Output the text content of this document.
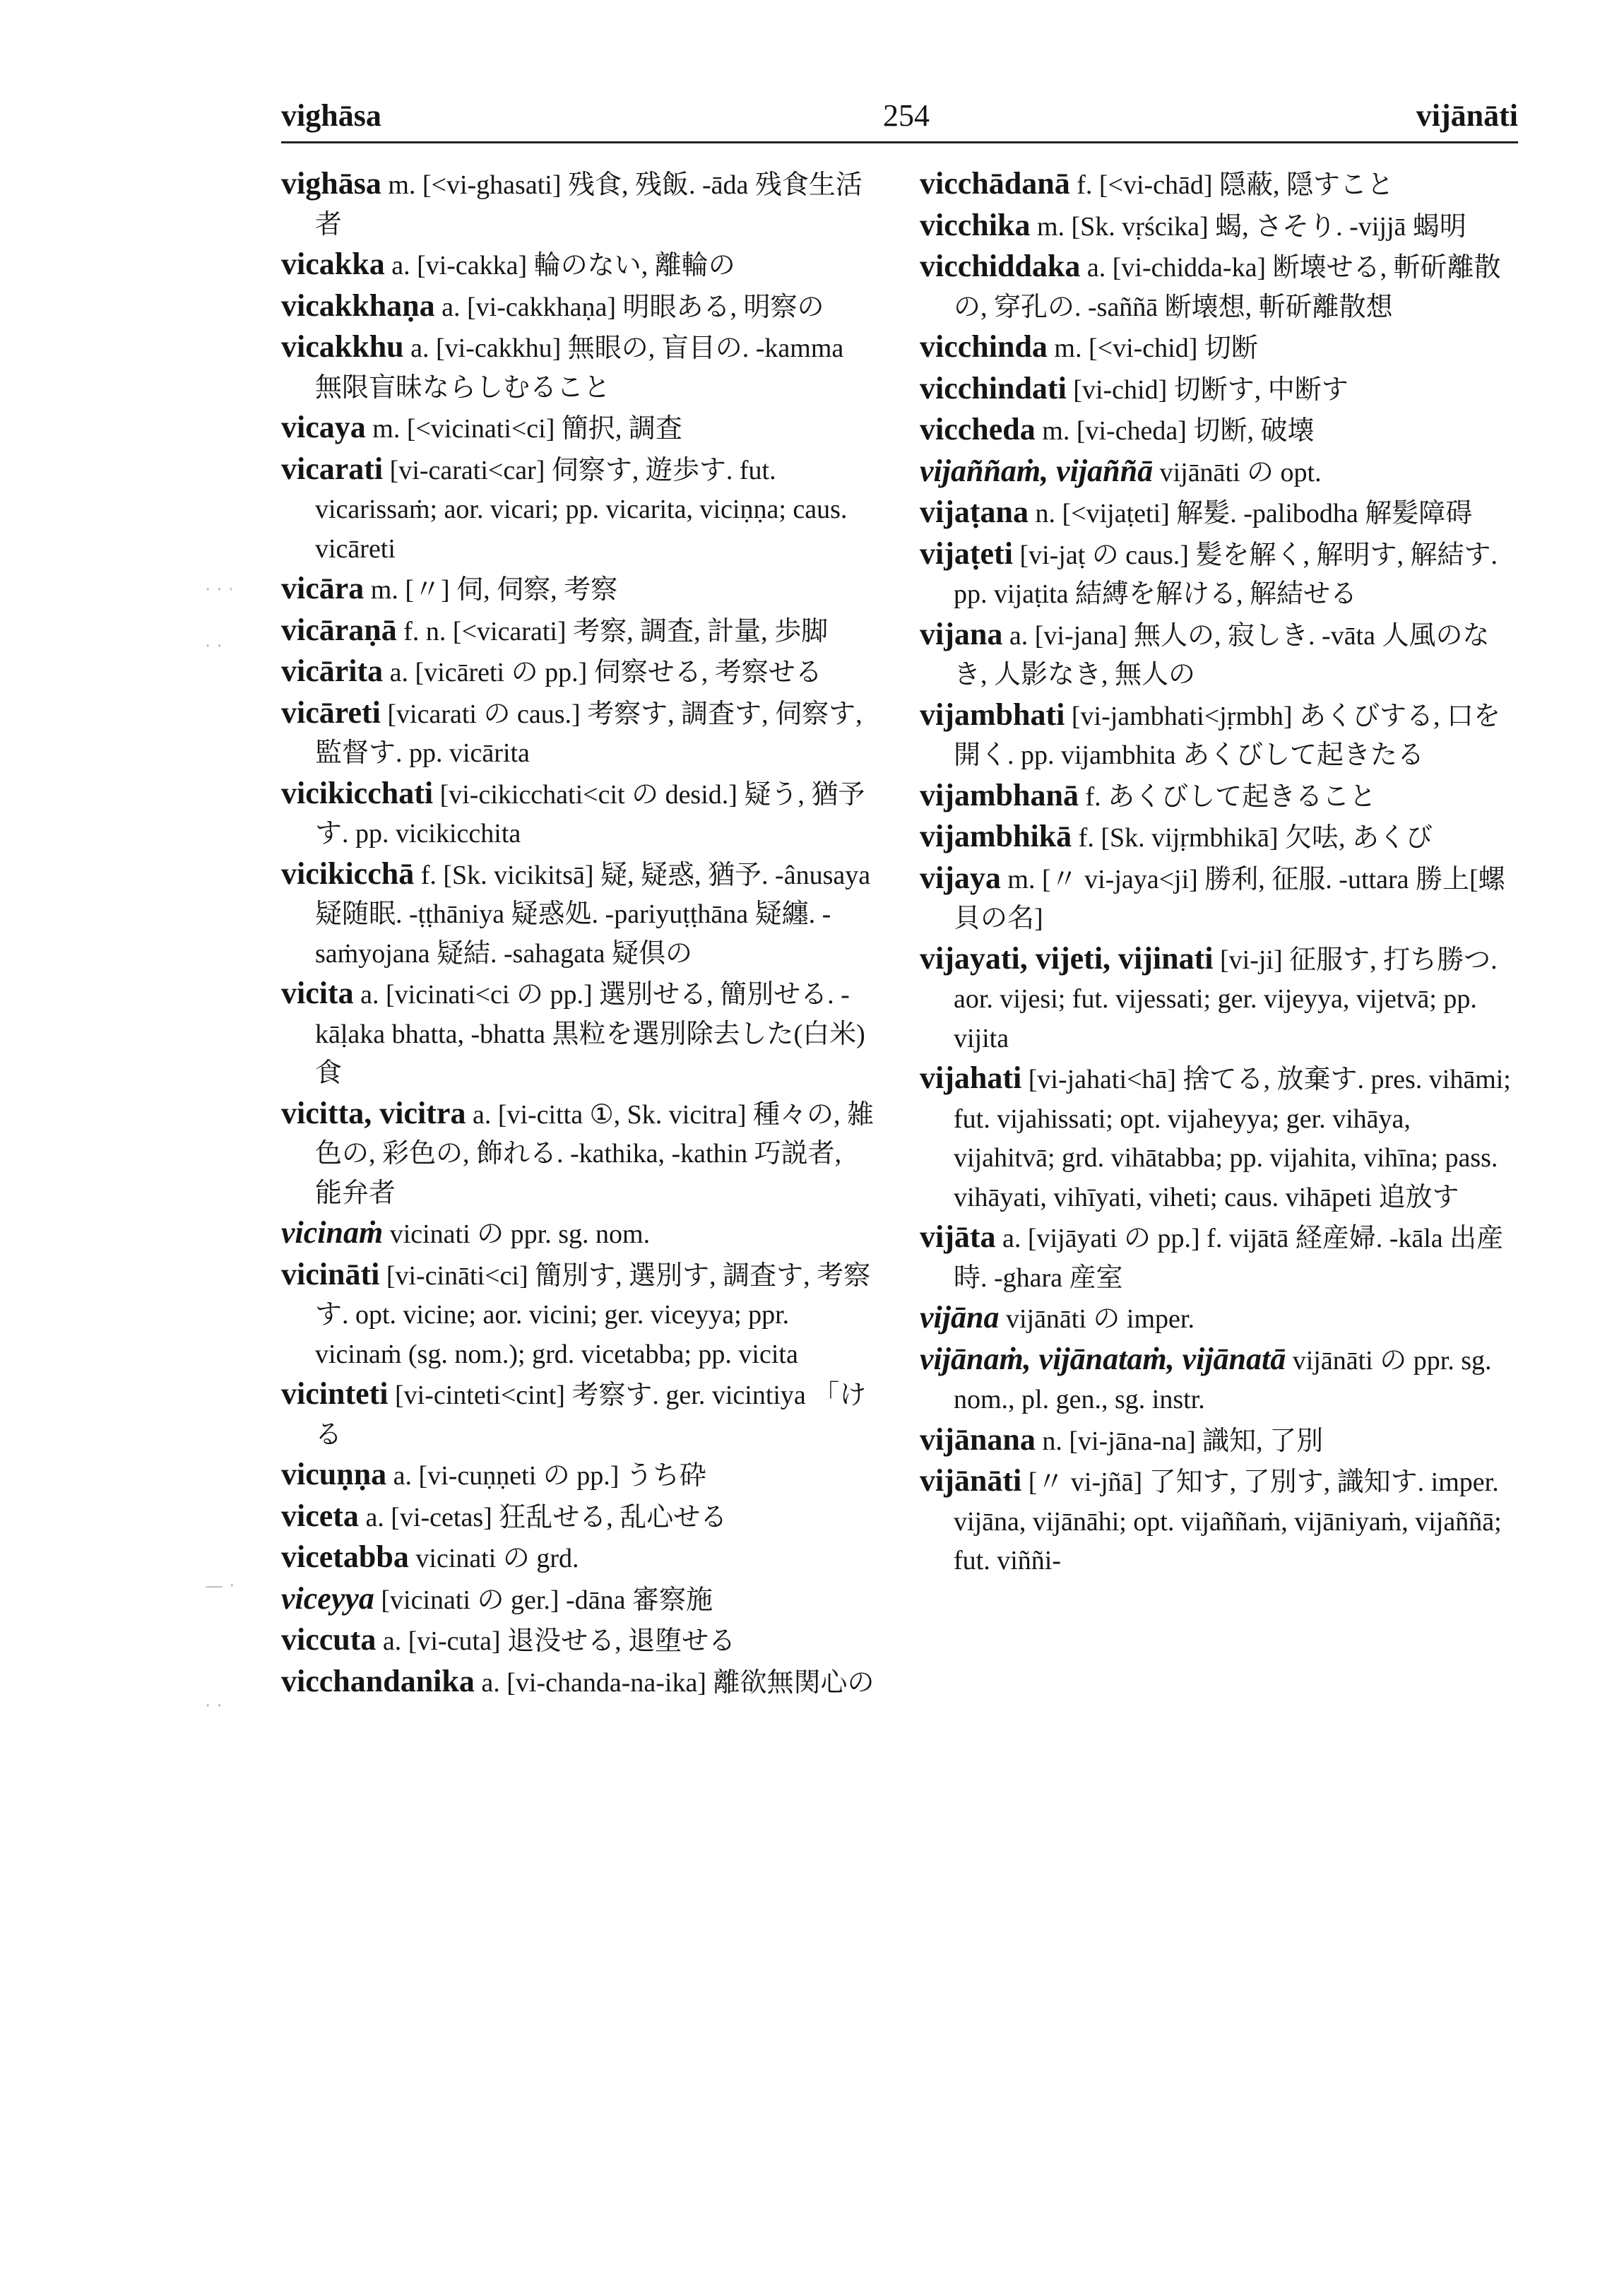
vighāsa	254	vijānāti
· · ·
· ·
— ·
· ·
vighāsa m. [<vi-ghasati] 残食, 残飯. -āda 残食生活者
vicakka a. [vi-cakka] 輪のない, 離輪の
vicakkhaṇa a. [vi-cakkhaṇa] 明眼ある, 明察の
vicakkhu a. [vi-cakkhu] 無眼の, 盲目の. -kamma 無限盲昧ならしむること
vicaya m. [<vicinati<ci] 簡択, 調査
vicarati [vi-carati<car] 伺察す, 遊歩す. fut. vicarissaṁ; aor. vicari; pp. vicarita, viciṇṇa; caus. vicāreti
vicāra m. [〃] 伺, 伺察, 考察
vicāraṇā f. n. [<vicarati] 考察, 調査, 計量, 歩脚
vicārita a. [vicāreti の pp.] 伺察せる, 考察せる
vicāreti [vicarati の caus.] 考察す, 調査す, 伺察す, 監督す. pp. vicārita
vicikicchati [vi-cikicchati<cit の desid.] 疑う, 猶予す. pp. vicikicchita
vicikicchā f. [Sk. vicikitsā] 疑, 疑惑, 猶予. -ânusaya 疑随眠. -ṭṭhāniya 疑惑処. -pariyuṭṭhāna 疑纏. -saṁyojana 疑結. -sahagata 疑倶の
vicita a. [vicinati<ci の pp.] 選別せる, 簡別せる. -kāḷaka bhatta, -bhatta 黒粒を選別除去した(白米)食
vicitta, vicitra a. [vi-citta ①, Sk. vicitra] 種々の, 雑色の, 彩色の, 飾れる. -kathika, -kathin 巧説者, 能弁者
vicinaṁ vicinati の ppr. sg. nom.
vicināti [vi-cināti<ci] 簡別す, 選別す, 調査す, 考察す. opt. vicine; aor. vicini; ger. viceyya; ppr. vicinaṁ (sg. nom.); grd. vicetabba; pp. vicita
vicinteti [vi-cinteti<cint] 考察す. ger. vicintiya 「ける
vicuṇṇa a. [vi-cuṇṇeti の pp.] うち砕
viceta a. [vi-cetas] 狂乱せる, 乱心せる
vicetabba vicinati の grd.
viceyya [vicinati の ger.] -dāna 審察施
viccuta a. [vi-cuta] 退没せる, 退堕せる
vicchandanika a. [vi-chanda-na-ika] 離欲無関心の
vicchādanā f. [<vi-chād] 隠蔽, 隠すこと
vicchika m. [Sk. vṛścika] 蝎, さそり. -vijjā 蝎明
vicchiddaka a. [vi-chidda-ka] 断壊せる, 斬斫離散の, 穿孔の. -saññā 断壊想, 斬斫離散想
vicchinda m. [<vi-chid] 切断
vicchindati [vi-chid] 切断す, 中断す
viccheda m. [vi-cheda] 切断, 破壊
vijaññaṁ, vijaññā vijānāti の opt.
vijaṭana n. [<vijaṭeti] 解髪. -palibodha 解髪障碍
vijaṭeti [vi-jaṭ の caus.] 髪を解く, 解明す, 解結す. pp. vijaṭita 結縛を解ける, 解結せる
vijana a. [vi-jana] 無人の, 寂しき. -vāta 人風のなき, 人影なき, 無人の
vijambhati [vi-jambhati<jṛmbh] あくびする, 口を開く. pp. vijambhita あくびして起きたる
vijambhanā f. あくびして起きること
vijambhikā f. [Sk. vijṛmbhikā] 欠呿, あくび
vijaya m. [〃 vi-jaya<ji] 勝利, 征服. -uttara 勝上[螺貝の名]
vijayati, vijeti, vijinati [vi-ji] 征服す, 打ち勝つ. aor. vijesi; fut. vijessati; ger. vijeyya, vijetvā; pp. vijita
vijahati [vi-jahati<hā] 捨てる, 放棄す. pres. vihāmi; fut. vijahissati; opt. vijaheyya; ger. vihāya, vijahitvā; grd. vihātabba; pp. vijahita, vihīna; pass. vihāyati, vihīyati, viheti; caus. vihāpeti 追放す
vijāta a. [vijāyati の pp.] f. vijātā 経産婦. -kāla 出産時. -ghara 産室
vijāna vijānāti の imper.
vijānaṁ, vijānataṁ, vijānatā vijānāti の ppr. sg. nom., pl. gen., sg. instr.
vijānana n. [vi-jāna-na] 識知, 了別
vijānāti [〃 vi-jñā] 了知す, 了別す, 識知す. imper. vijāna, vijānāhi; opt. vijaññaṁ, vijāniyaṁ, vijaññā; fut. viññi-
